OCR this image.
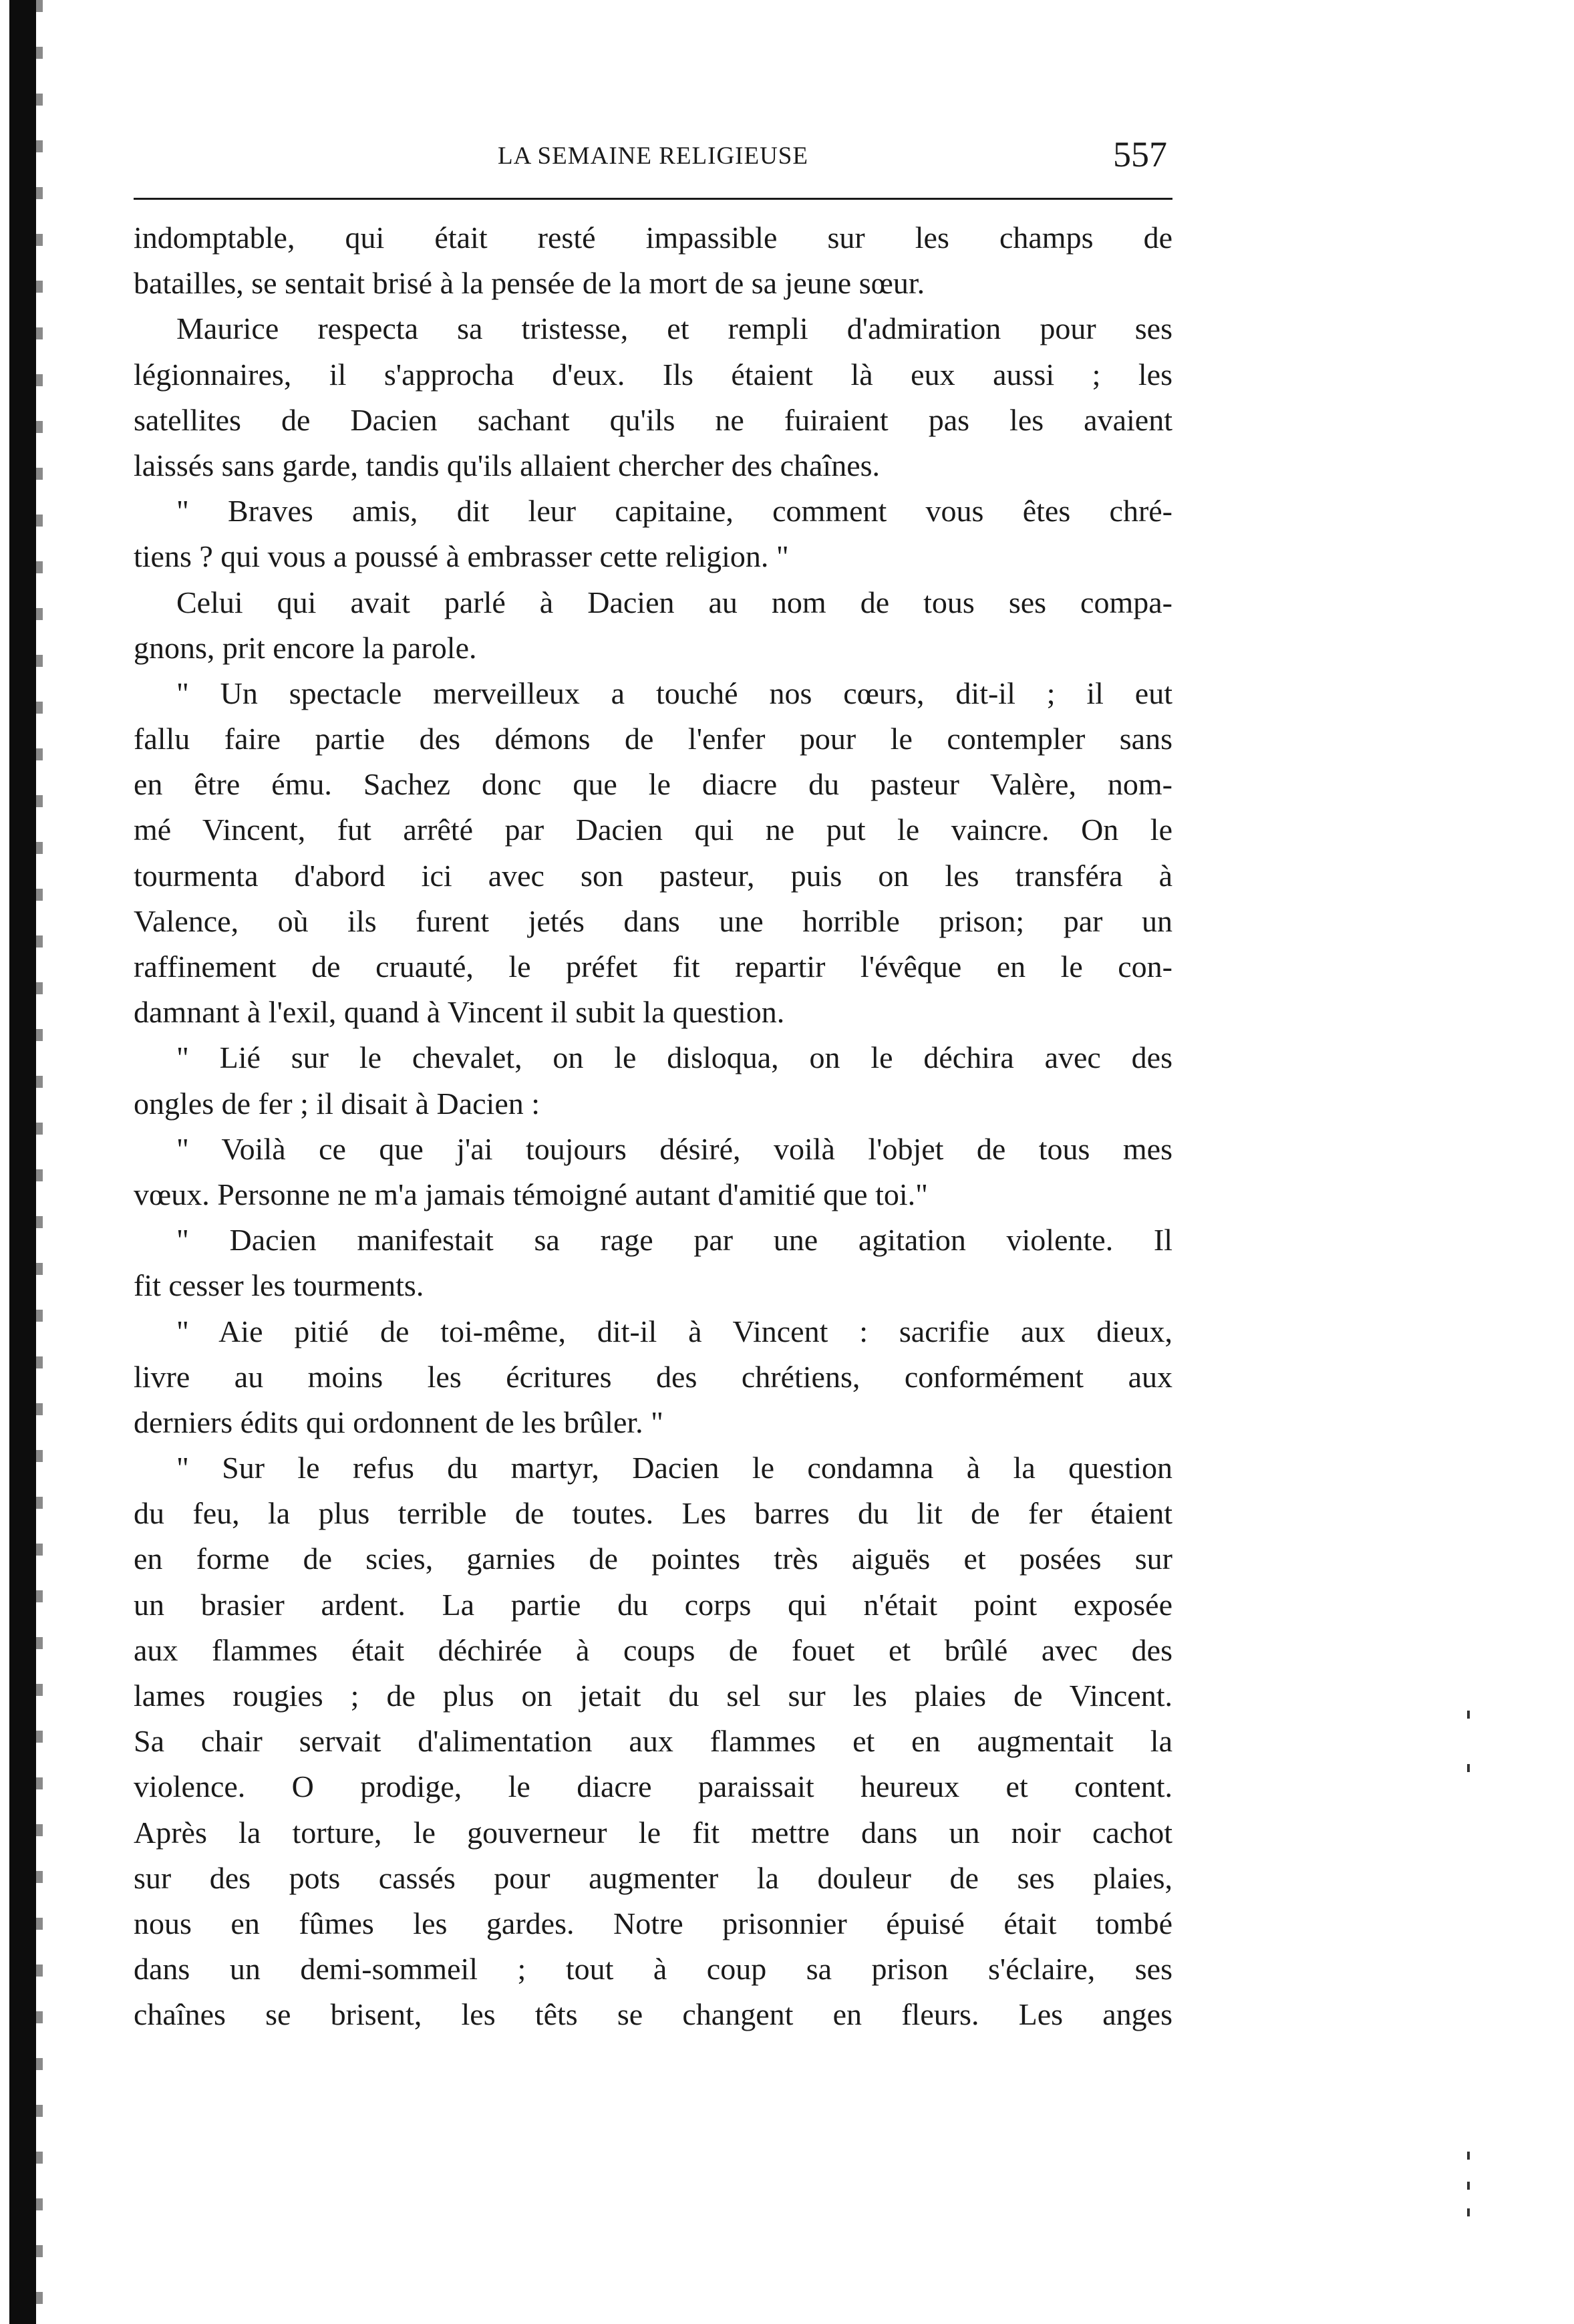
LA SEMAINE RELIGIEUSE	557
indomptable, qui était resté impassible sur les champs de
batailles, se sentait brisé à la pensée de la mort de sa jeune sœur.
Maurice respecta sa tristesse, et rempli d'admiration pour ses
légionnaires, il s'approcha d'eux. Ils étaient là eux aussi ; les
satellites de Dacien sachant qu'ils ne fuiraient pas les avaient
laissés sans garde, tandis qu'ils allaient chercher des chaînes.
" Braves amis, dit leur capitaine, comment vous êtes chré-
tiens ? qui vous a poussé à embrasser cette religion. "
Celui qui avait parlé à Dacien au nom de tous ses compa-
gnons, prit encore la parole.
" Un spectacle merveilleux a touché nos cœurs, dit-il ; il eut
fallu faire partie des démons de l'enfer pour le contempler sans
en être ému. Sachez donc que le diacre du pasteur Valère, nom-
mé Vincent, fut arrêté par Dacien qui ne put le vaincre. On le
tourmenta d'abord ici avec son pasteur, puis on les transféra à
Valence, où ils furent jetés dans une horrible prison; par un
raffinement de cruauté, le préfet fit repartir l'évêque en le con-
damnant à l'exil, quand à Vincent il subit la question.
" Lié sur le chevalet, on le disloqua, on le déchira avec des
ongles de fer ; il disait à Dacien :
" Voilà ce que j'ai toujours désiré, voilà l'objet de tous mes
vœux. Personne ne m'a jamais témoigné autant d'amitié que toi."
" Dacien manifestait sa rage par une agitation violente. Il
fit cesser les tourments.
" Aie pitié de toi-même, dit-il à Vincent : sacrifie aux dieux,
livre au moins les écritures des chrétiens, conformément aux
derniers édits qui ordonnent de les brûler. "
" Sur le refus du martyr, Dacien le condamna à la question
du feu, la plus terrible de toutes. Les barres du lit de fer étaient
en forme de scies, garnies de pointes très aiguës et posées sur
un brasier ardent. La partie du corps qui n'était point exposée
aux flammes était déchirée à coups de fouet et brûlé avec des
lames rougies ; de plus on jetait du sel sur les plaies de Vincent.
Sa chair servait d'alimentation aux flammes et en augmentait la
violence. O prodige, le diacre paraissait heureux et content.
Après la torture, le gouverneur le fit mettre dans un noir cachot
sur des pots cassés pour augmenter la douleur de ses plaies,
nous en fûmes les gardes. Notre prisonnier épuisé était tombé
dans un demi-sommeil ; tout à coup sa prison s'éclaire, ses
chaînes se brisent, les têts se changent en fleurs. Les anges
